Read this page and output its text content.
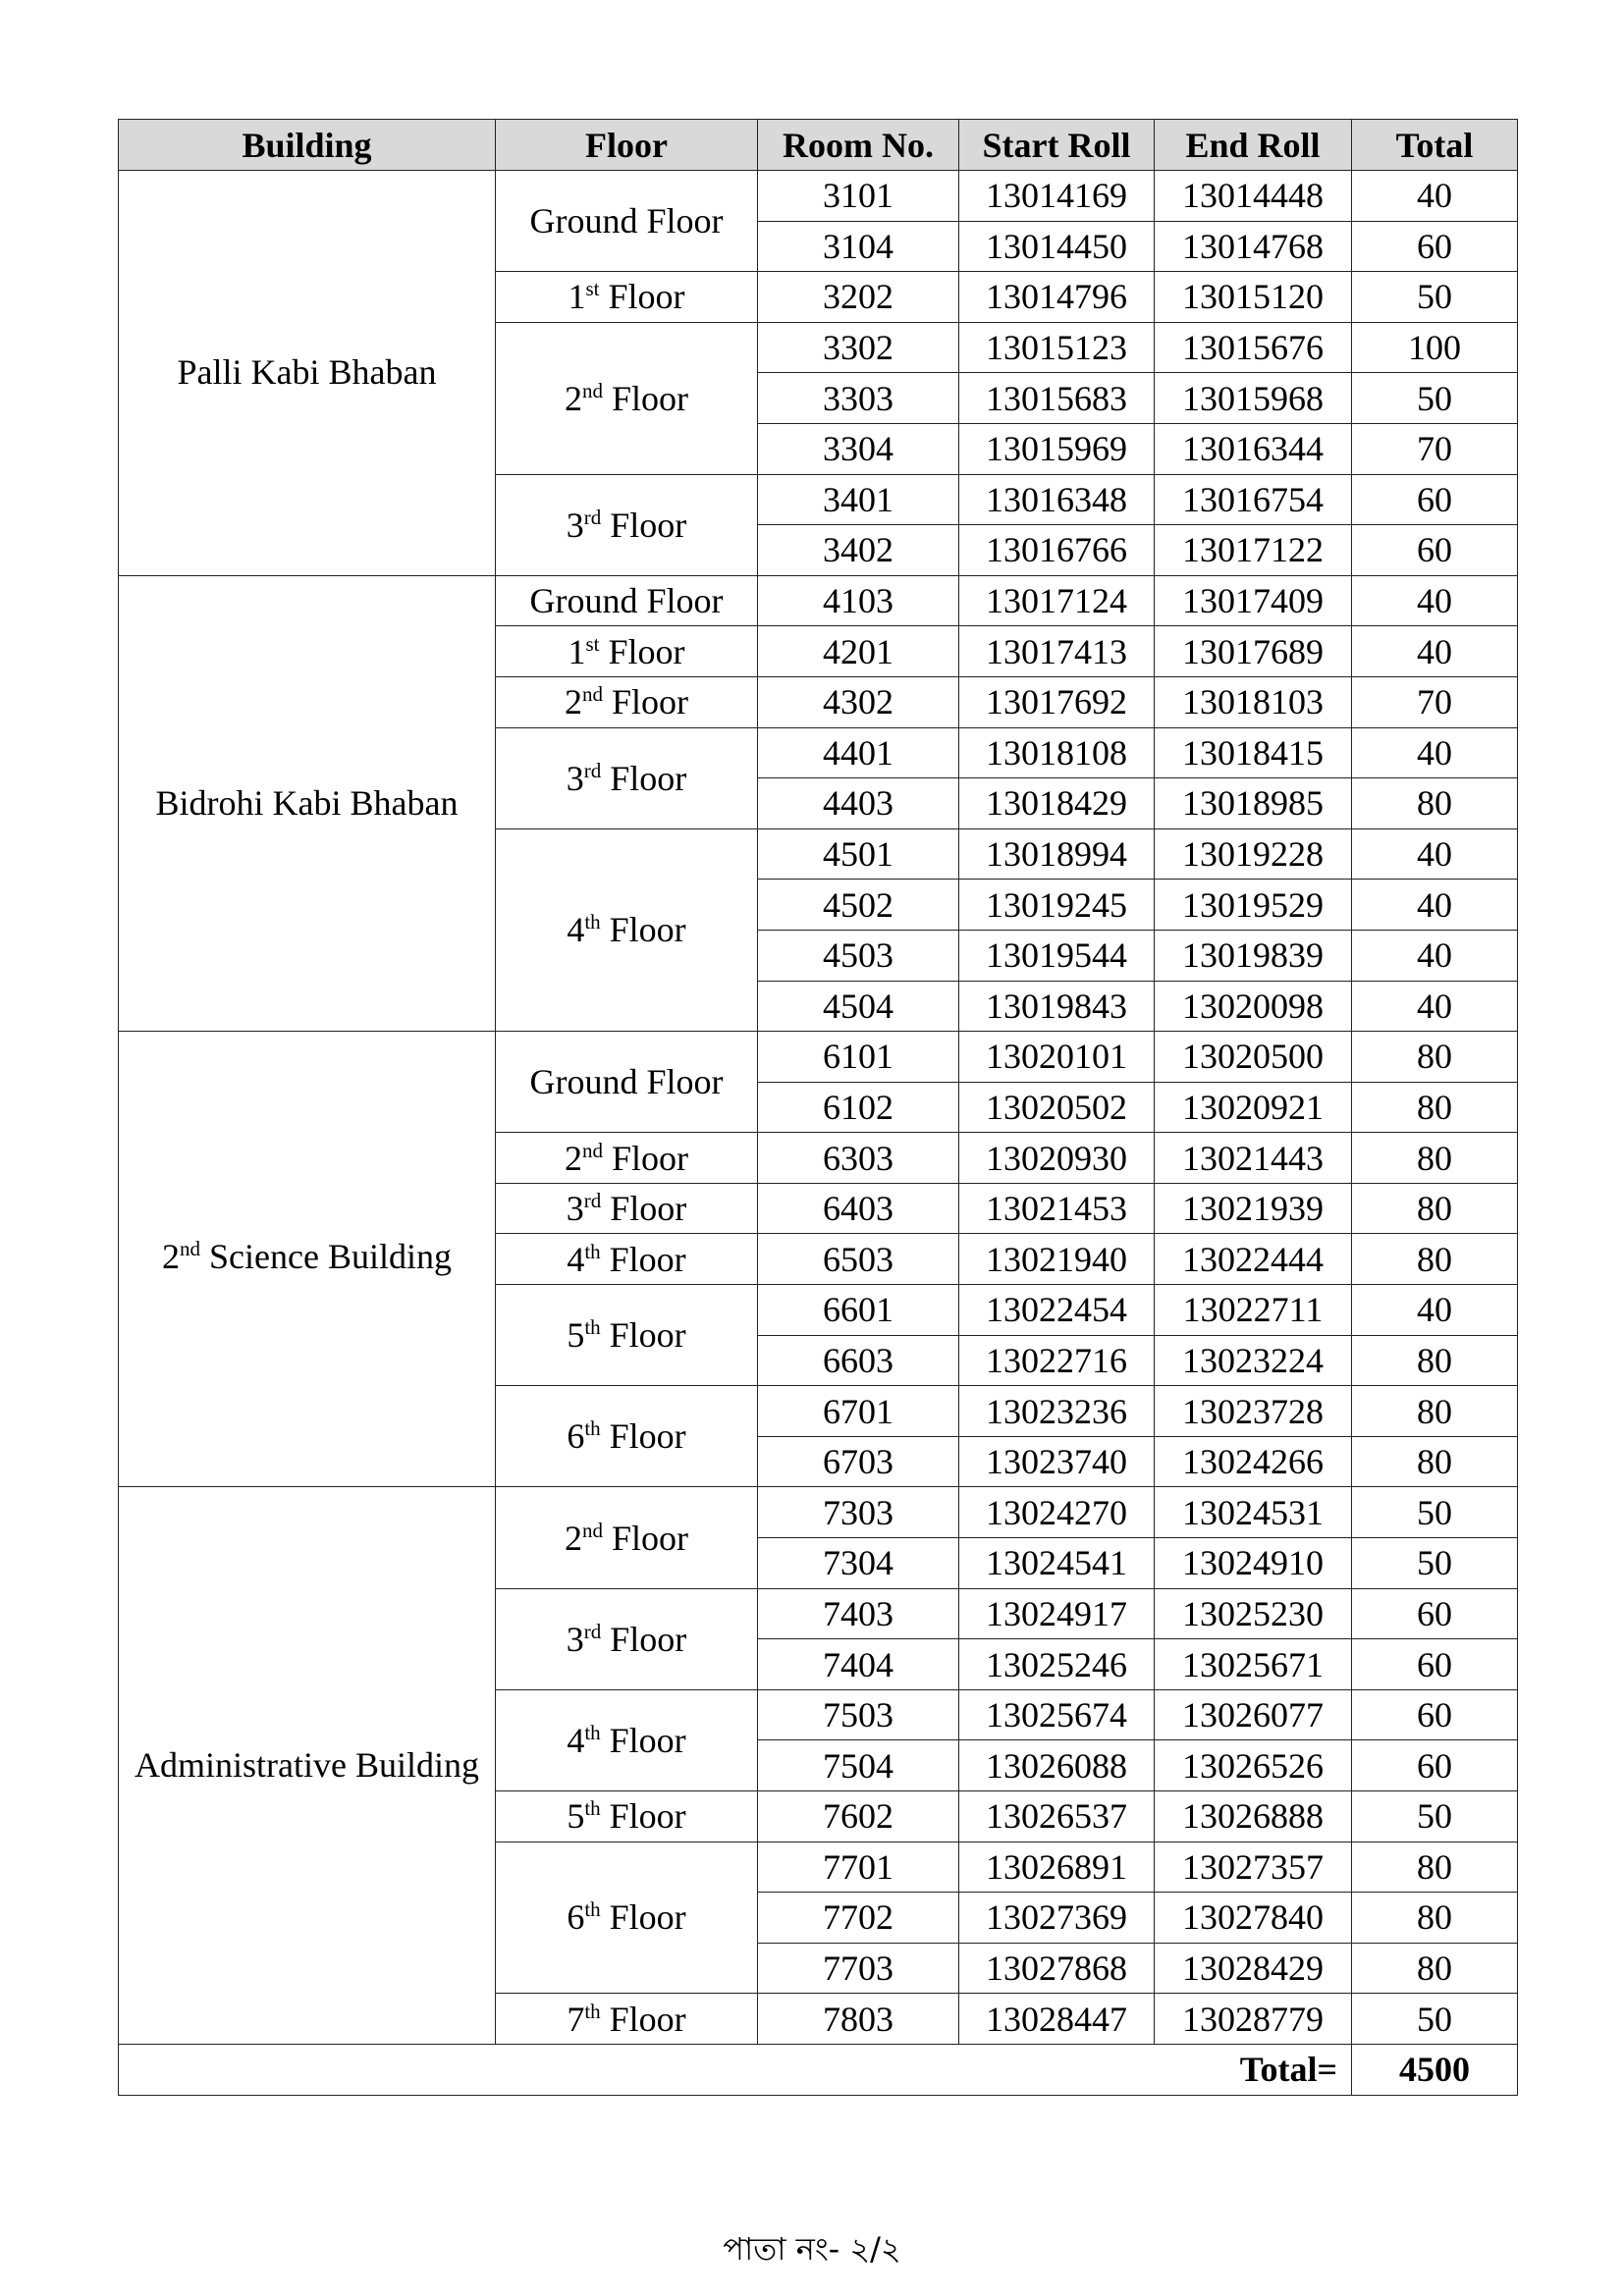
Building	Floor	Room No.	Start Roll	End Roll	Total
Palli Kabi Bhaban	Ground Floor	3101	13014169	13014448	40
		3104	13014450	13014768	60
	1st Floor	3202	13014796	13015120	50
	2nd Floor	3302	13015123	13015676	100
		3303	13015683	13015968	50
		3304	13015969	13016344	70
	3rd Floor	3401	13016348	13016754	60
		3402	13016766	13017122	60
Bidrohi Kabi Bhaban	Ground Floor	4103	13017124	13017409	40
	1st Floor	4201	13017413	13017689	40
	2nd Floor	4302	13017692	13018103	70
	3rd Floor	4401	13018108	13018415	40
		4403	13018429	13018985	80
	4th Floor	4501	13018994	13019228	40
		4502	13019245	13019529	40
		4503	13019544	13019839	40
		4504	13019843	13020098	40
2nd Science Building	Ground Floor	6101	13020101	13020500	80
		6102	13020502	13020921	80
	2nd Floor	6303	13020930	13021443	80
	3rd Floor	6403	13021453	13021939	80
	4th Floor	6503	13021940	13022444	80
	5th Floor	6601	13022454	13022711	40
		6603	13022716	13023224	80
	6th Floor	6701	13023236	13023728	80
		6703	13023740	13024266	80
Administrative Building	2nd Floor	7303	13024270	13024531	50
		7304	13024541	13024910	50
	3rd Floor	7403	13024917	13025230	60
		7404	13025246	13025671	60
	4th Floor	7503	13025674	13026077	60
		7504	13026088	13026526	60
	5th Floor	7602	13026537	13026888	50
	6th Floor	7701	13026891	13027357	80
		7702	13027369	13027840	80
		7703	13027868	13028429	80
	7th Floor	7803	13028447	13028779	50
Total=					4500
পাতা নং- ২/২
